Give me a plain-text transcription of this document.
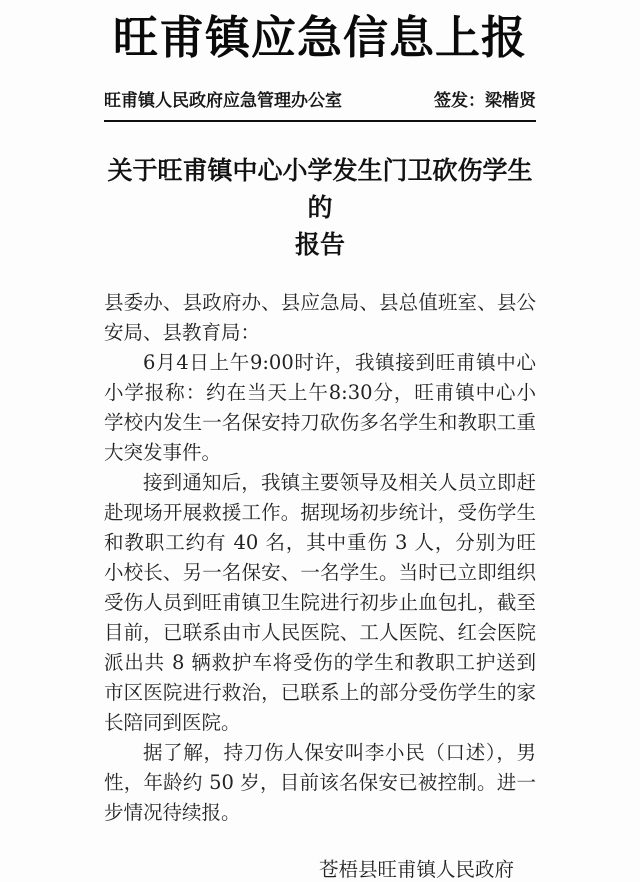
旺甫镇应急信息上报
旺甫镇人民政府应急管理办公室	签发：梁楷贤
关于旺甫镇中心小学发生门卫砍伤学生的
报告

县委办、县政府办、县应急局、县总值班室、县公安局、县教育局：

6月4日上午9:00时许，我镇接到旺甫镇中心小学报称：约在当天上午8:30分，旺甫镇中心小学校内发生一名保安持刀砍伤多名学生和教职工重大突发事件。

接到通知后，我镇主要领导及相关人员立即赶赴现场开展救援工作。据现场初步统计，受伤学生和教职工约有 40 名，其中重伤 3 人，分别为旺小校长、另一名保安、一名学生。当时已立即组织受伤人员到旺甫镇卫生院进行初步止血包扎，截至目前，已联系由市人民医院、工人医院、红会医院派出共 8 辆救护车将受伤的学生和教职工护送到市区医院进行救治，已联系上的部分受伤学生的家长陪同到医院。

据了解，持刀伤人保安叫李小民（口述），男性，年龄约 50 岁，目前该名保安已被控制。进一步情况待续报。

苍梧县旺甫镇人民政府
